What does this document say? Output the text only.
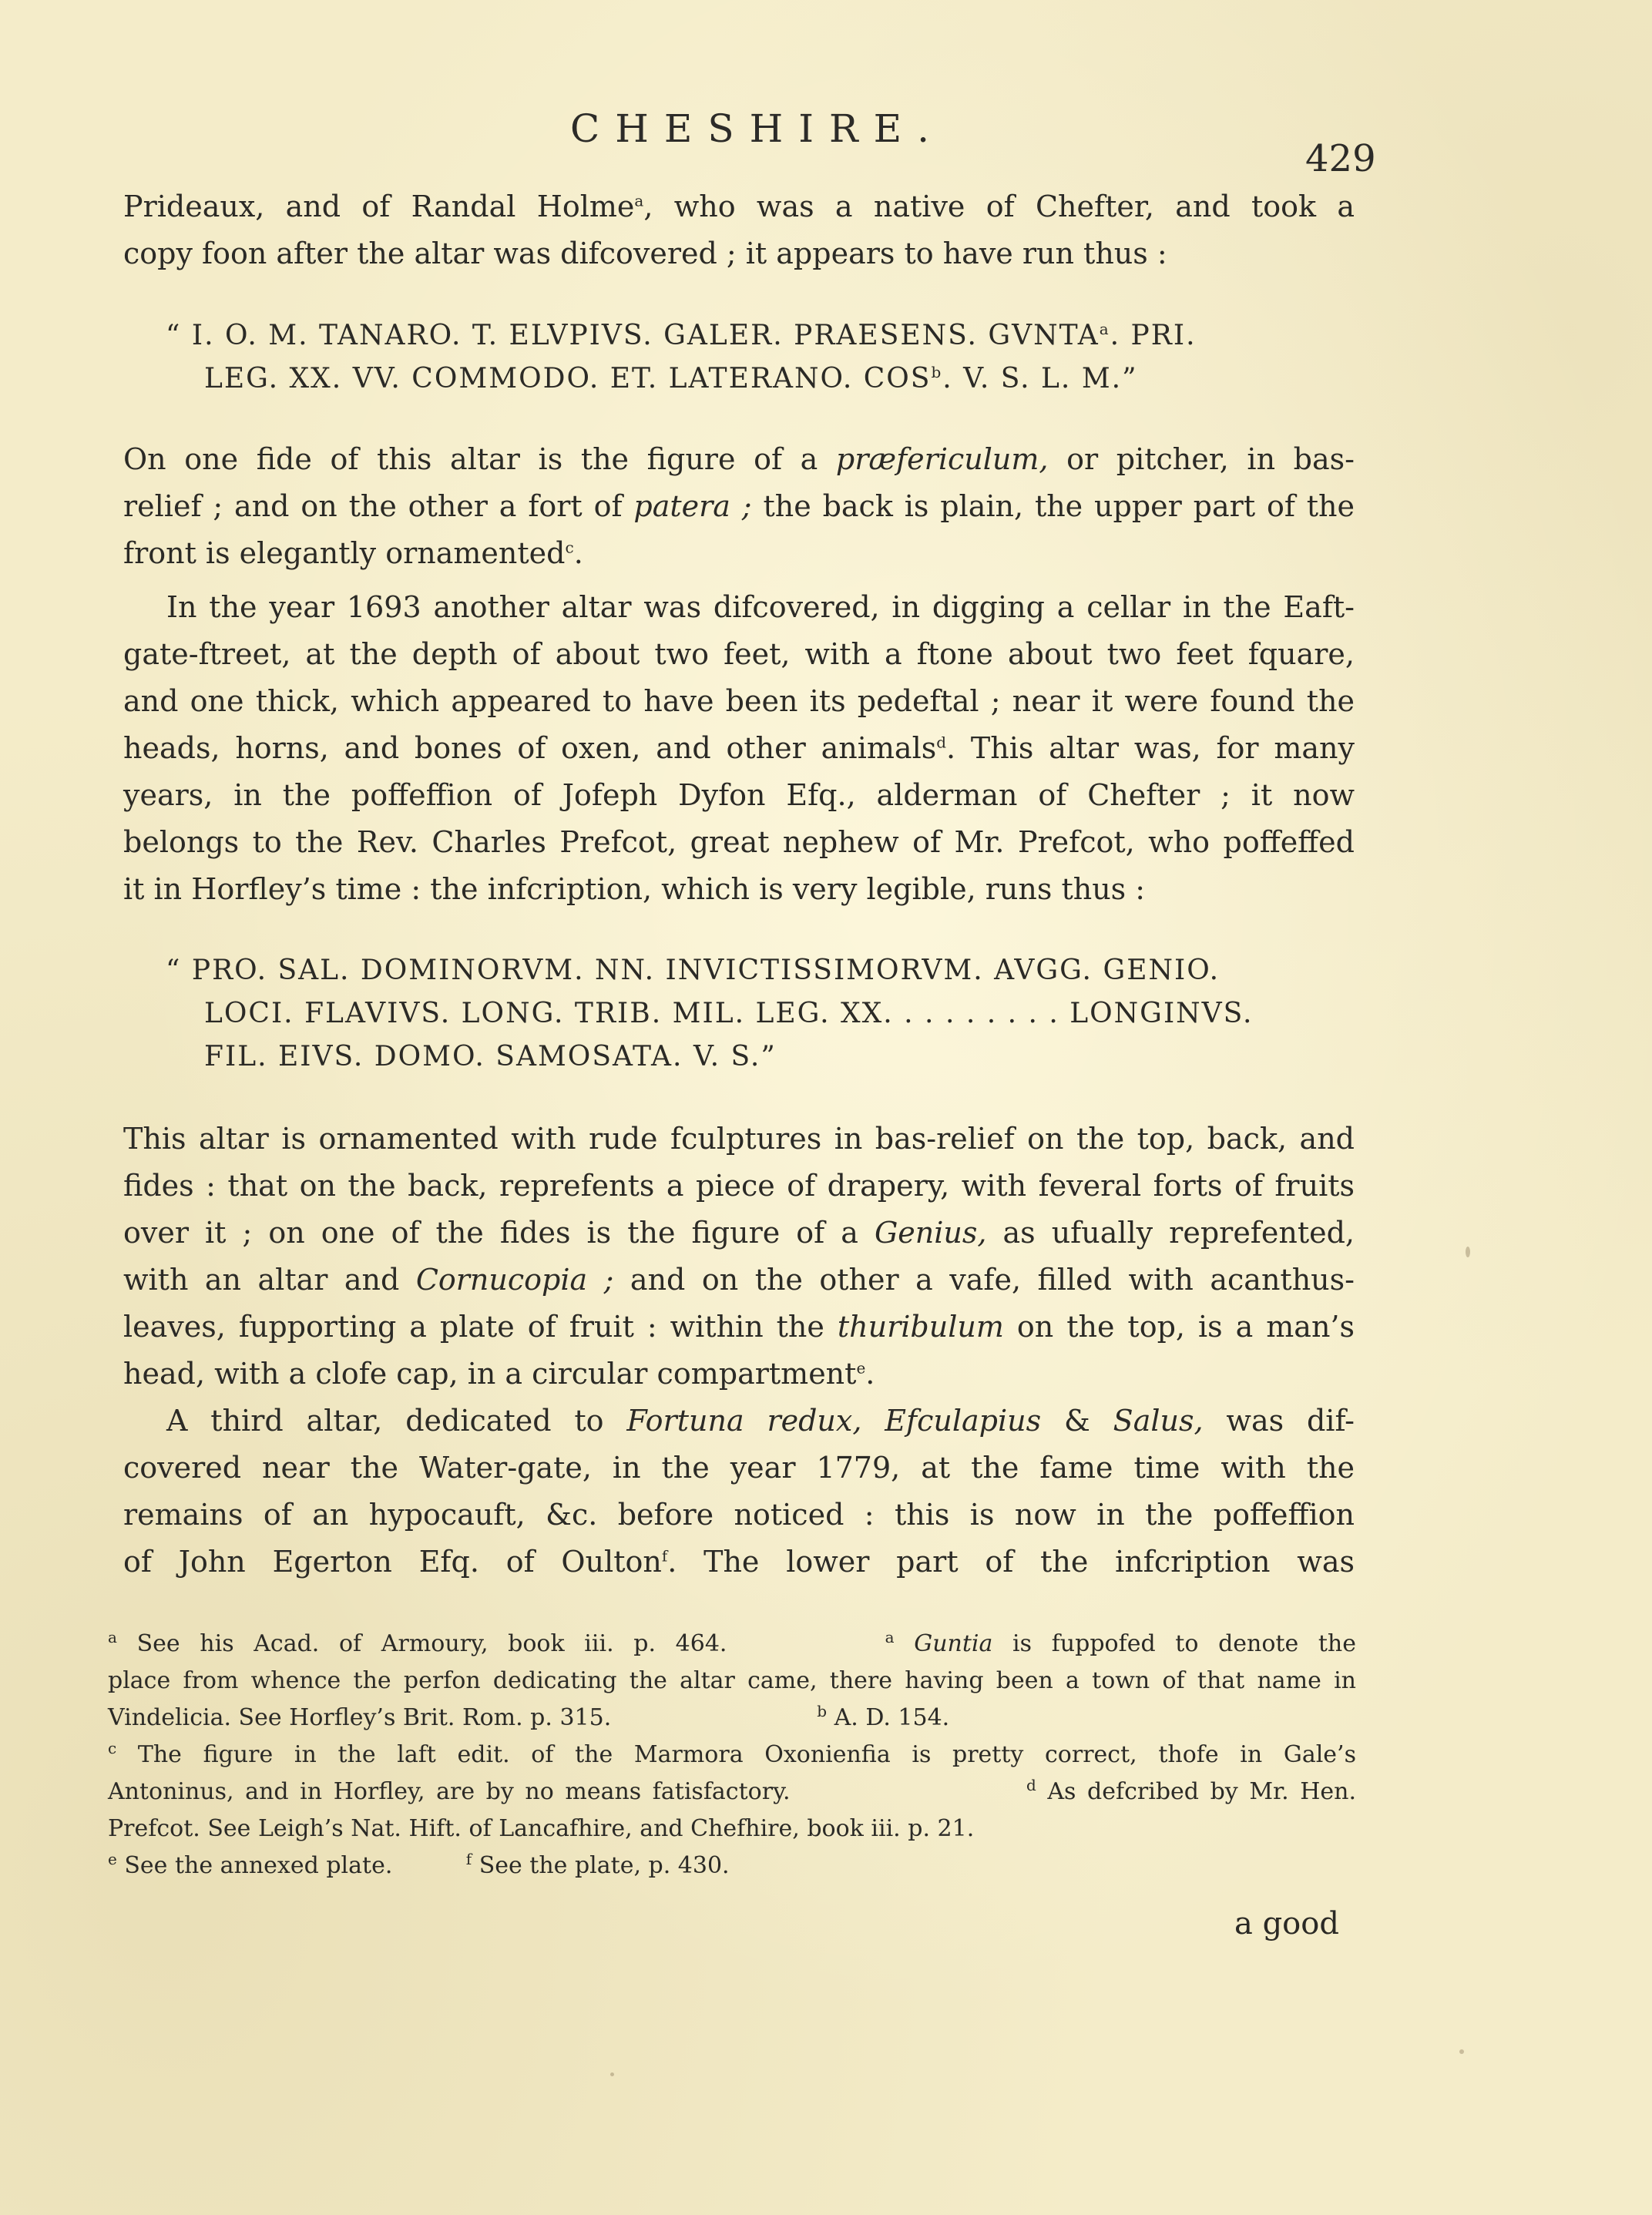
CHESHIRE.
429

Prideaux, and of Randal Holme$^a$, who was a native of Chefter, and took a

copy foon after the altar was difcovered ; it appears to have run thus :

“ I. O. M. TANARO. T. ELVPIVS. GALER. PRAESENS. GVNTA$^a$. PRI.
LEG. XX. VV. COMMODO. ET. LATERANO. COS$^b$. V. S. L. M.”

On one fide of this altar is the figure of a præfericulum, or pitcher, in bas-

relief ; and on the other a fort of patera ; the back is plain, the upper part of the

front is elegantly ornamented$^c$.

In the year 1693 another altar was difcovered, in digging a cellar in the Eaft-

gate-ftreet, at the depth of about two feet, with a ftone about two feet fquare,

and one thick, which appeared to have been its pedeftal ; near it were found the

heads, horns, and bones of oxen, and other animals$^d$. This altar was, for many

years, in the poffeffion of Jofeph Dyfon Efq., alderman of Chefter ; it now

belongs to the Rev. Charles Prefcot, great nephew of Mr. Prefcot, who poffeffed

it in Horfley’s time : the infcription, which is very legible, runs thus :

“ PRO. SAL. DOMINORVM. NN. INVICTISSIMORVM. AVGG. GENIO.
LOCI. FLAVIVS. LONG. TRIB. MIL. LEG. XX. . . . . . . . . LONGINVS.
FIL. EIVS. DOMO. SAMOSATA. V. S.”

This altar is ornamented with rude fculptures in bas-relief on the top, back, and

fides : that on the back, reprefents a piece of drapery, with feveral forts of fruits

over it ; on one of the fides is the figure of a Genius, as ufually reprefented,

with an altar and Cornucopia ; and on the other a vafe, filled with acanthus-

leaves, fupporting a plate of fruit : within the thuribulum on the top, is a man’s

head, with a clofe cap, in a circular compartment$^e$.

A third altar, dedicated to Fortuna redux, Efculapius & Salus, was dif-

covered near the Water-gate, in the year 1779, at the fame time with the

remains of an hypocauft, &c. before noticed : this is now in the poffeffion

of John Egerton Efq. of Oulton$^f$. The lower part of the infcription was

$^a$ See his Acad. of Armoury, book iii. p. 464.	$^a$ Guntia is fuppofed to denote the
place from whence the perfon dedicating the altar came, there having been a town of that name in
Vindelicia. See Horfley’s Brit. Rom. p. 315.	$^b$ A. D. 154.
$^c$ The figure in the laft edit. of the Marmora Oxonienfia is pretty correct, thofe in Gale’s
Antoninus, and in Horfley, are by no means fatisfactory.	$^d$ As defcribed by Mr. Hen.
Prefcot. See Leigh’s Nat. Hift. of Lancafhire, and Chefhire, book iii. p. 21.
$^e$ See the annexed plate.	$^f$ See the plate, p. 430.
a good
